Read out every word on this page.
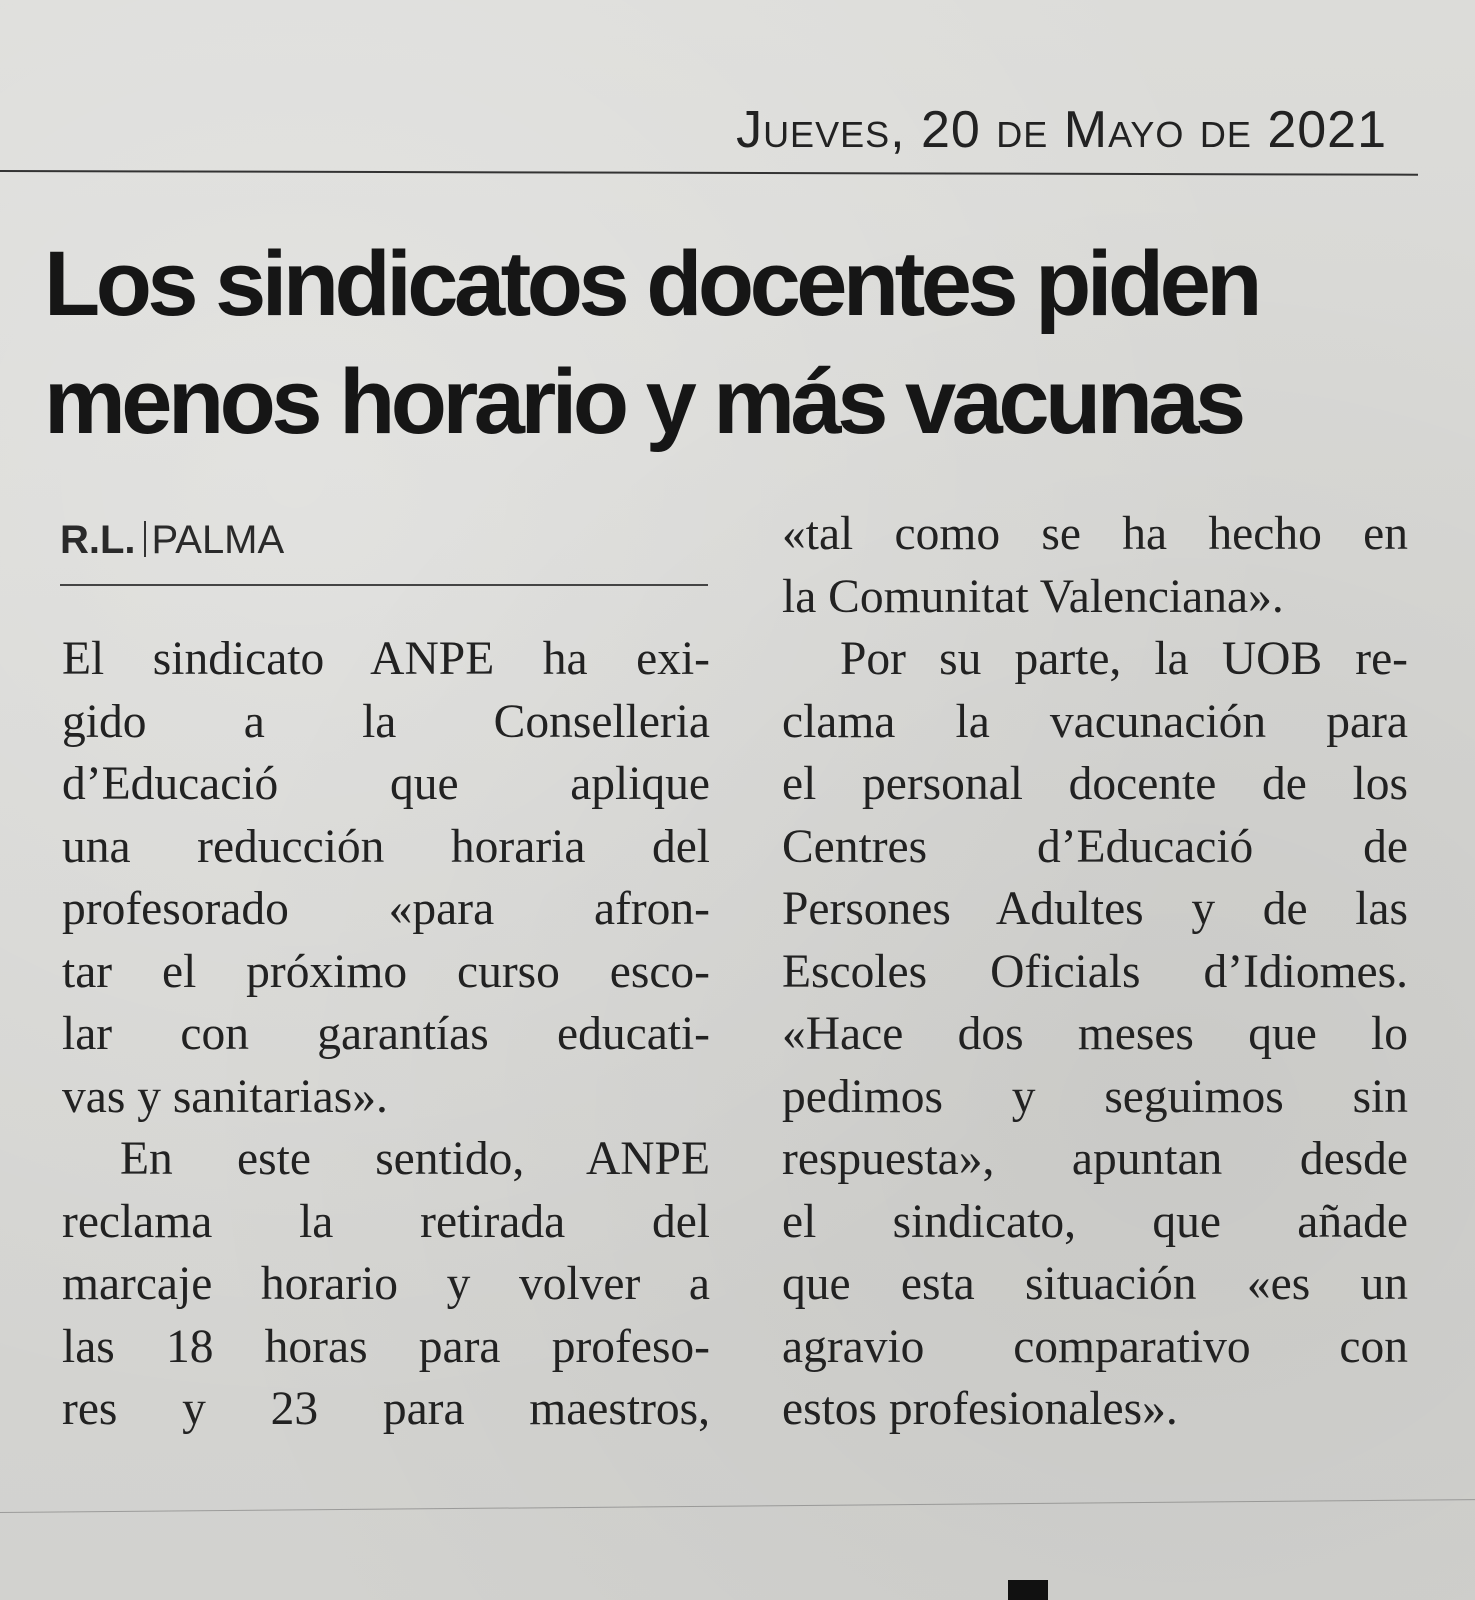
Jueves, 20 de Mayo de 2021
Los sindicatos docentes piden
menos horario y más vacunas
R.L. PALMA
El sindicato ANPE ha exi-
gido a la Conselleria
d’Educació que aplique
una reducción horaria del
profesorado «para afron-
tar el próximo curso esco-
lar con garantías educati-
vas y sanitarias».
En este sentido, ANPE
reclama la retirada del
marcaje horario y volver a
las 18 horas para profeso-
res y 23 para maestros,
«tal como se ha hecho en
la Comunitat Valenciana».
Por su parte, la UOB re-
clama la vacunación para
el personal docente de los
Centres d’Educació de
Persones Adultes y de las
Escoles Oficials d’Idiomes.
«Hace dos meses que lo
pedimos y seguimos sin
respuesta», apuntan desde
el sindicato, que añade
que esta situación «es un
agravio comparativo con
estos profesionales».
